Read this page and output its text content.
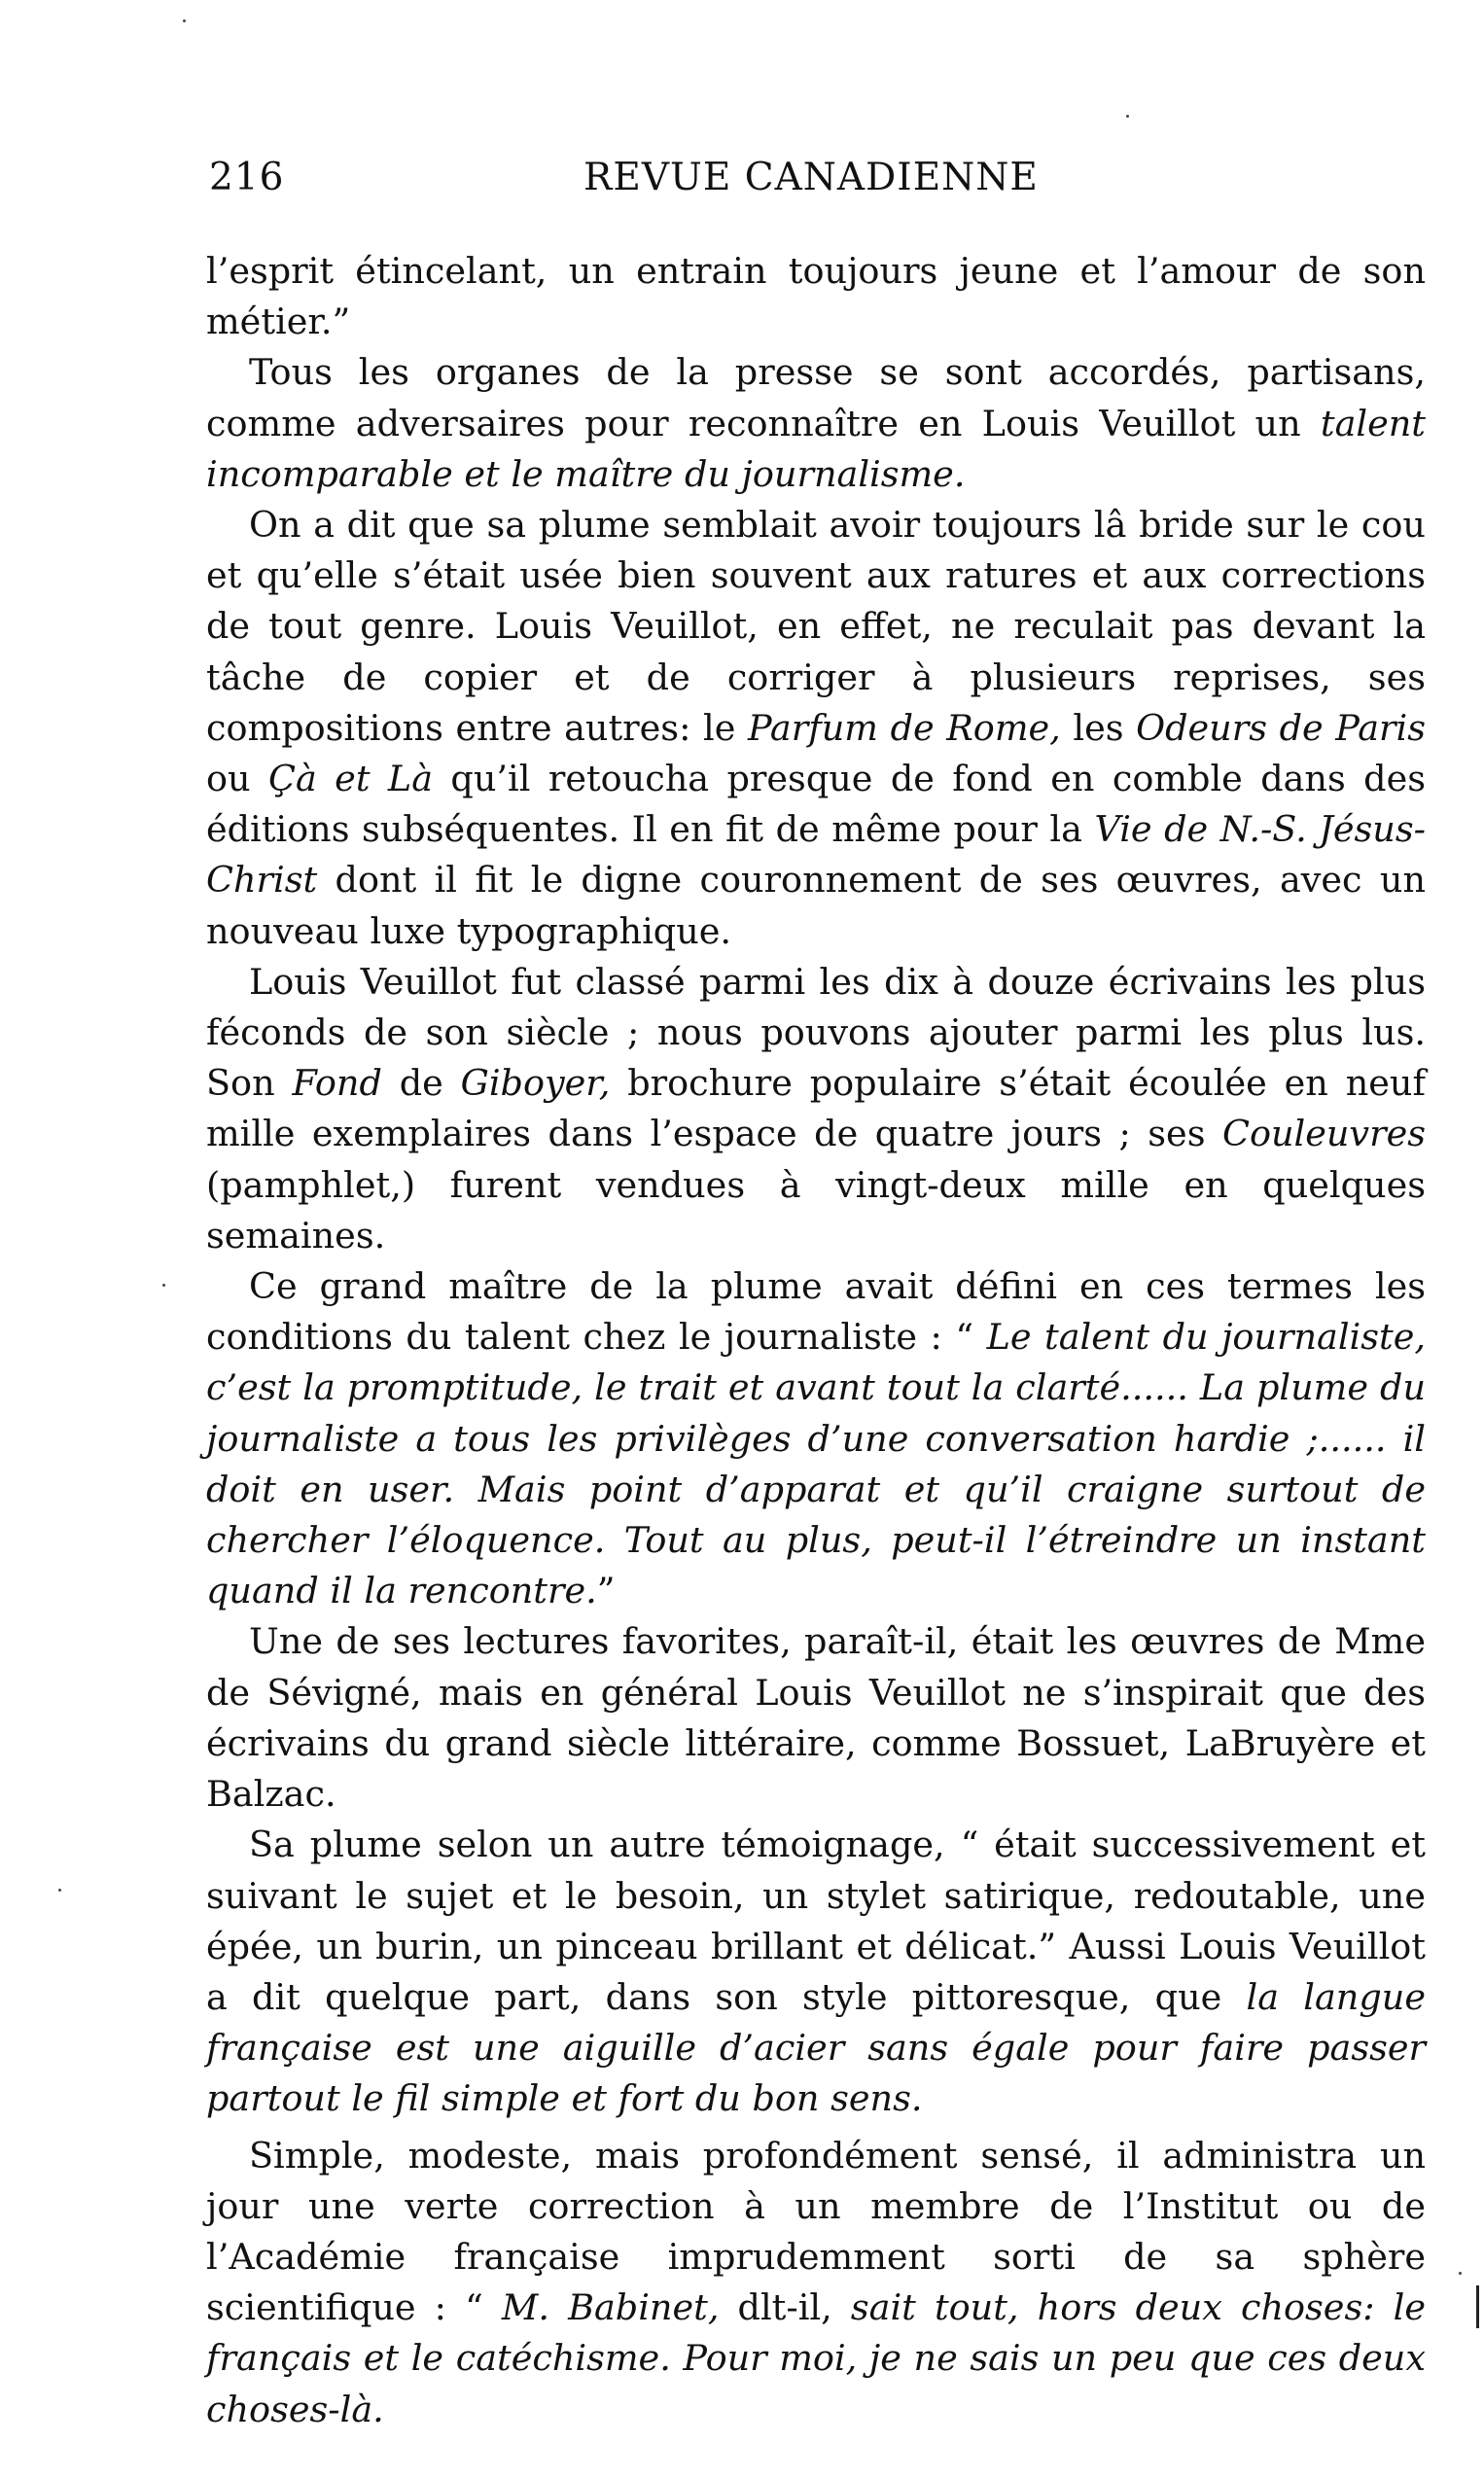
216	REVUE CANADIENNE

l’esprit étincelant, un entrain toujours jeune et l’amour de son métier.”

Tous les organes de la presse se sont accordés, partisans, comme adversaires pour reconnaître en Louis Veuillot un talent incomparable et le maître du journalisme.

On a dit que sa plume semblait avoir toujours lâ bride sur le cou et qu’elle s’était usée bien souvent aux ratures et aux corrections de tout genre. Louis Veuillot, en effet, ne reculait pas devant la tâche de copier et de corriger à plusieurs reprises, ses compositions entre autres: le Parfum de Rome, les Odeurs de Paris ou Çà et Là qu’il retoucha presque de fond en comble dans des éditions subséquentes. Il en fit de même pour la Vie de N.-S. Jésus-Christ dont il fit le digne couronnement de ses œuvres, avec un nouveau luxe typographique.

Louis Veuillot fut classé parmi les dix à douze écrivains les plus féconds de son siècle ; nous pouvons ajouter parmi les plus lus. Son Fond de Giboyer, brochure populaire s’était écoulée en neuf mille exemplaires dans l’espace de quatre jours ; ses Couleuvres (pamphlet,) furent vendues à vingt-deux mille en quelques semaines.

Ce grand maître de la plume avait défini en ces termes les conditions du talent chez le journaliste : “ Le talent du journaliste, c’est la promptitude, le trait et avant tout la clarté...... La plume du journaliste a tous les privilèges d’une conversation hardie ;...... il doit en user. Mais point d’apparat et qu’il craigne surtout de chercher l’éloquence. Tout au plus, peut-il l’étreindre un instant quand il la rencontre.”

Une de ses lectures favorites, paraît-il, était les œuvres de Mme de Sévigné, mais en général Louis Veuillot ne s’inspirait que des écrivains du grand siècle littéraire, comme Bossuet, LaBruyère et Balzac.

Sa plume selon un autre témoignage, “ était successivement et suivant le sujet et le besoin, un stylet satirique, redoutable, une épée, un burin, un pinceau brillant et délicat.” Aussi Louis Veuillot a dit quelque part, dans son style pittoresque, que la langue française est une aiguille d’acier sans égale pour faire passer partout le fil simple et fort du bon sens.

Simple, modeste, mais profondément sensé, il administra un jour une verte correction à un membre de l’Institut ou de l’Académie française imprudemment sorti de sa sphère scientifique : “ M. Babinet, dlt-il, sait tout, hors deux choses: le français et le catéchisme. Pour moi, je ne sais un peu que ces deux choses-là.
